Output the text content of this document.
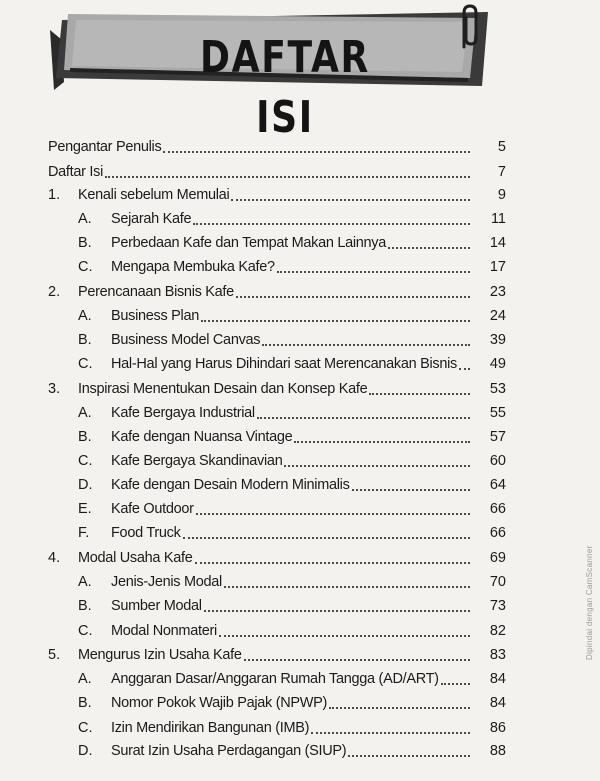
DAFTAR ISI
Pengantar Penulis	5
Daftar Isi	7
1.	Kenali sebelum Memulai	9
A.	Sejarah Kafe	11
B.	Perbedaan Kafe dan Tempat Makan Lainnya	14
C.	Mengapa Membuka Kafe?	17
2.	Perencanaan Bisnis Kafe	23
A.	Business Plan	24
B.	Business Model Canvas	39
C.	Hal-Hal yang Harus Dihindari saat Merencanakan Bisnis	49
3.	Inspirasi Menentukan Desain dan Konsep Kafe	53
A.	Kafe Bergaya Industrial	55
B.	Kafe dengan Nuansa Vintage	57
C.	Kafe Bergaya Skandinavian	60
D.	Kafe dengan Desain Modern Minimalis	64
E.	Kafe Outdoor	66
F.	Food Truck	66
4.	Modal Usaha Kafe	69
A.	Jenis-Jenis Modal	70
B.	Sumber Modal	73
C.	Modal Nonmateri	82
5.	Mengurus Izin Usaha Kafe	83
A.	Anggaran Dasar/Anggaran Rumah Tangga (AD/ART)	84
B.	Nomor Pokok Wajib Pajak (NPWP)	84
C.	Izin Mendirikan Bangunan (IMB)	86
D.	Surat Izin Usaha Perdagangan (SIUP)	88
Dipindai dengan CamScanner
